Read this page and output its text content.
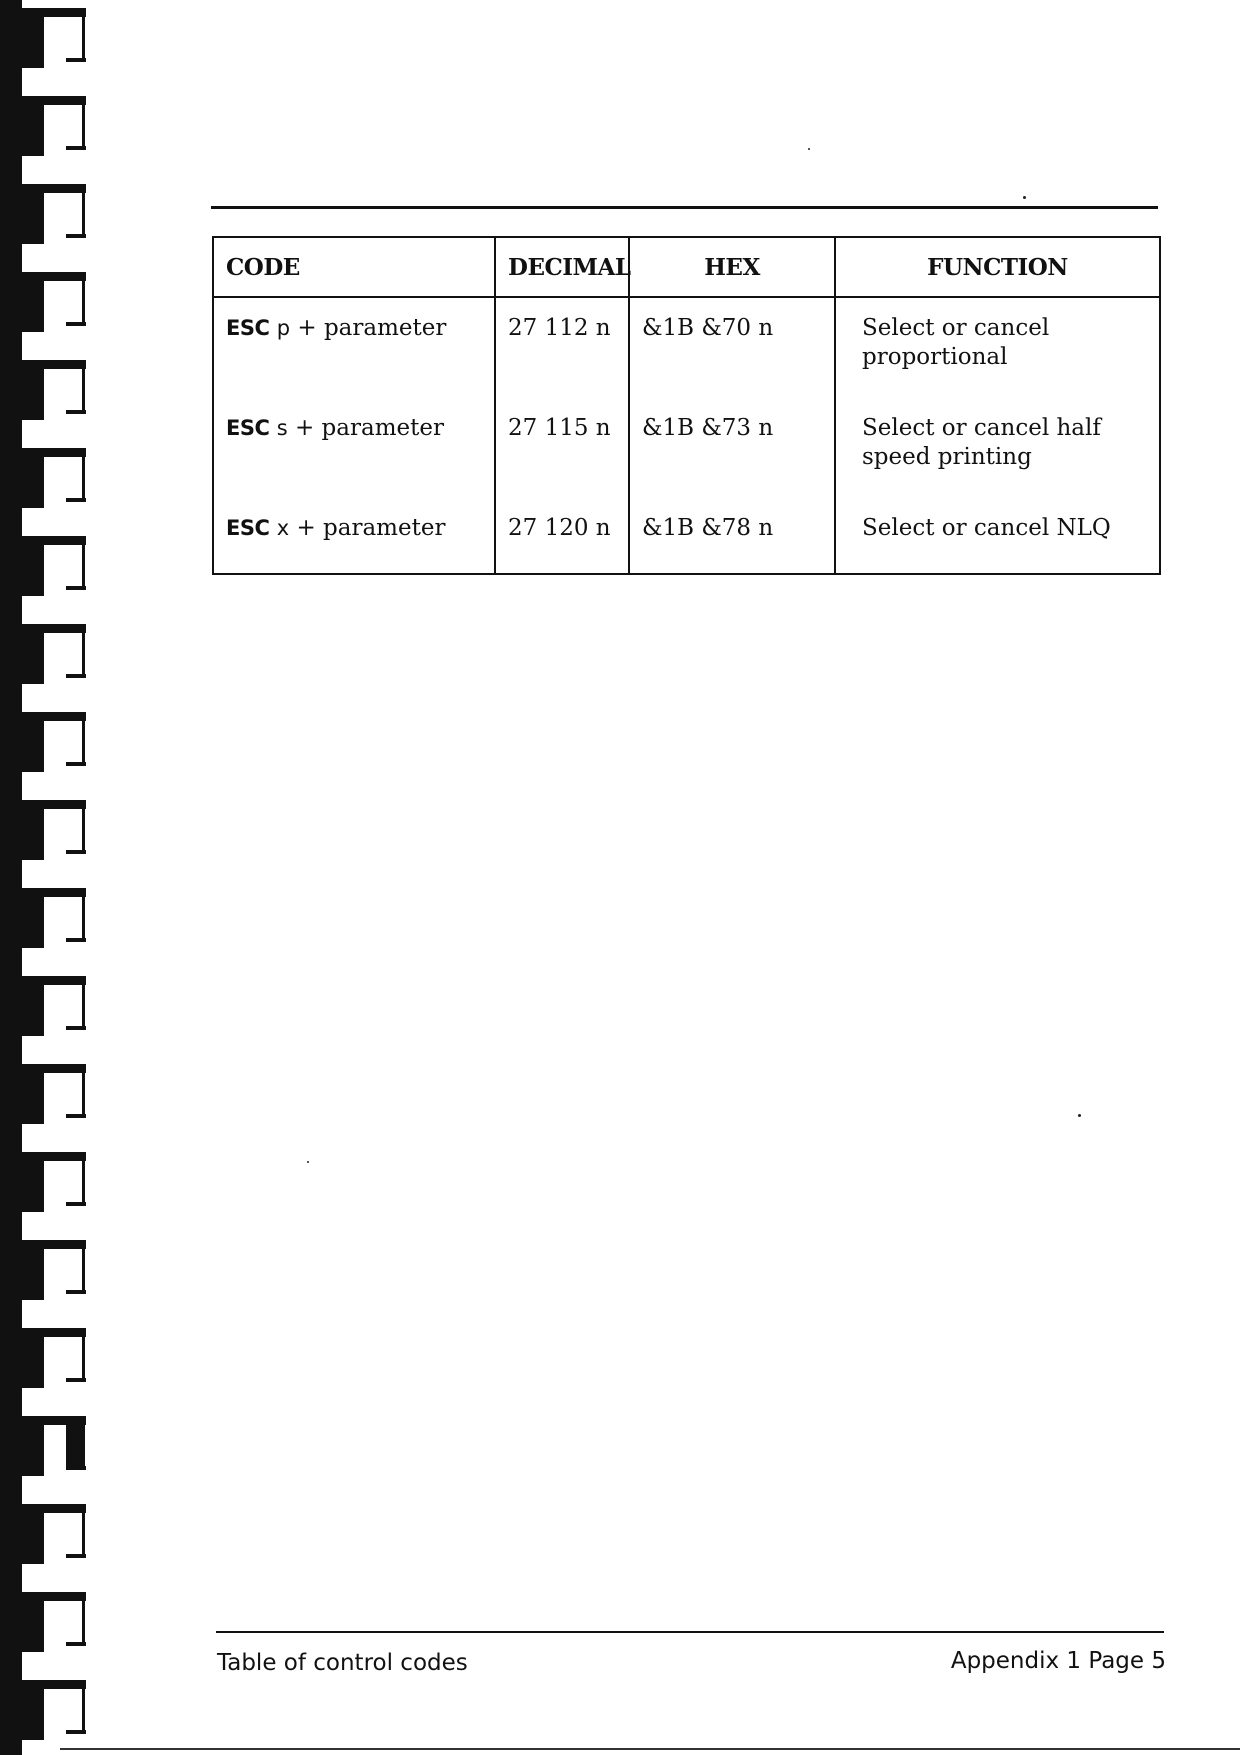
CODE	DECIMAL	HEX	FUNCTION
ESC p + parameter	27 112 n	&1B &70 n	Select or cancel
proportional
ESC s + parameter	27 115 n	&1B &73 n	Select or cancel half
speed printing
ESC x + parameter	27 120 n	&1B &78 n	Select or cancel NLQ
Table of control codes	Appendix 1 Page 5
